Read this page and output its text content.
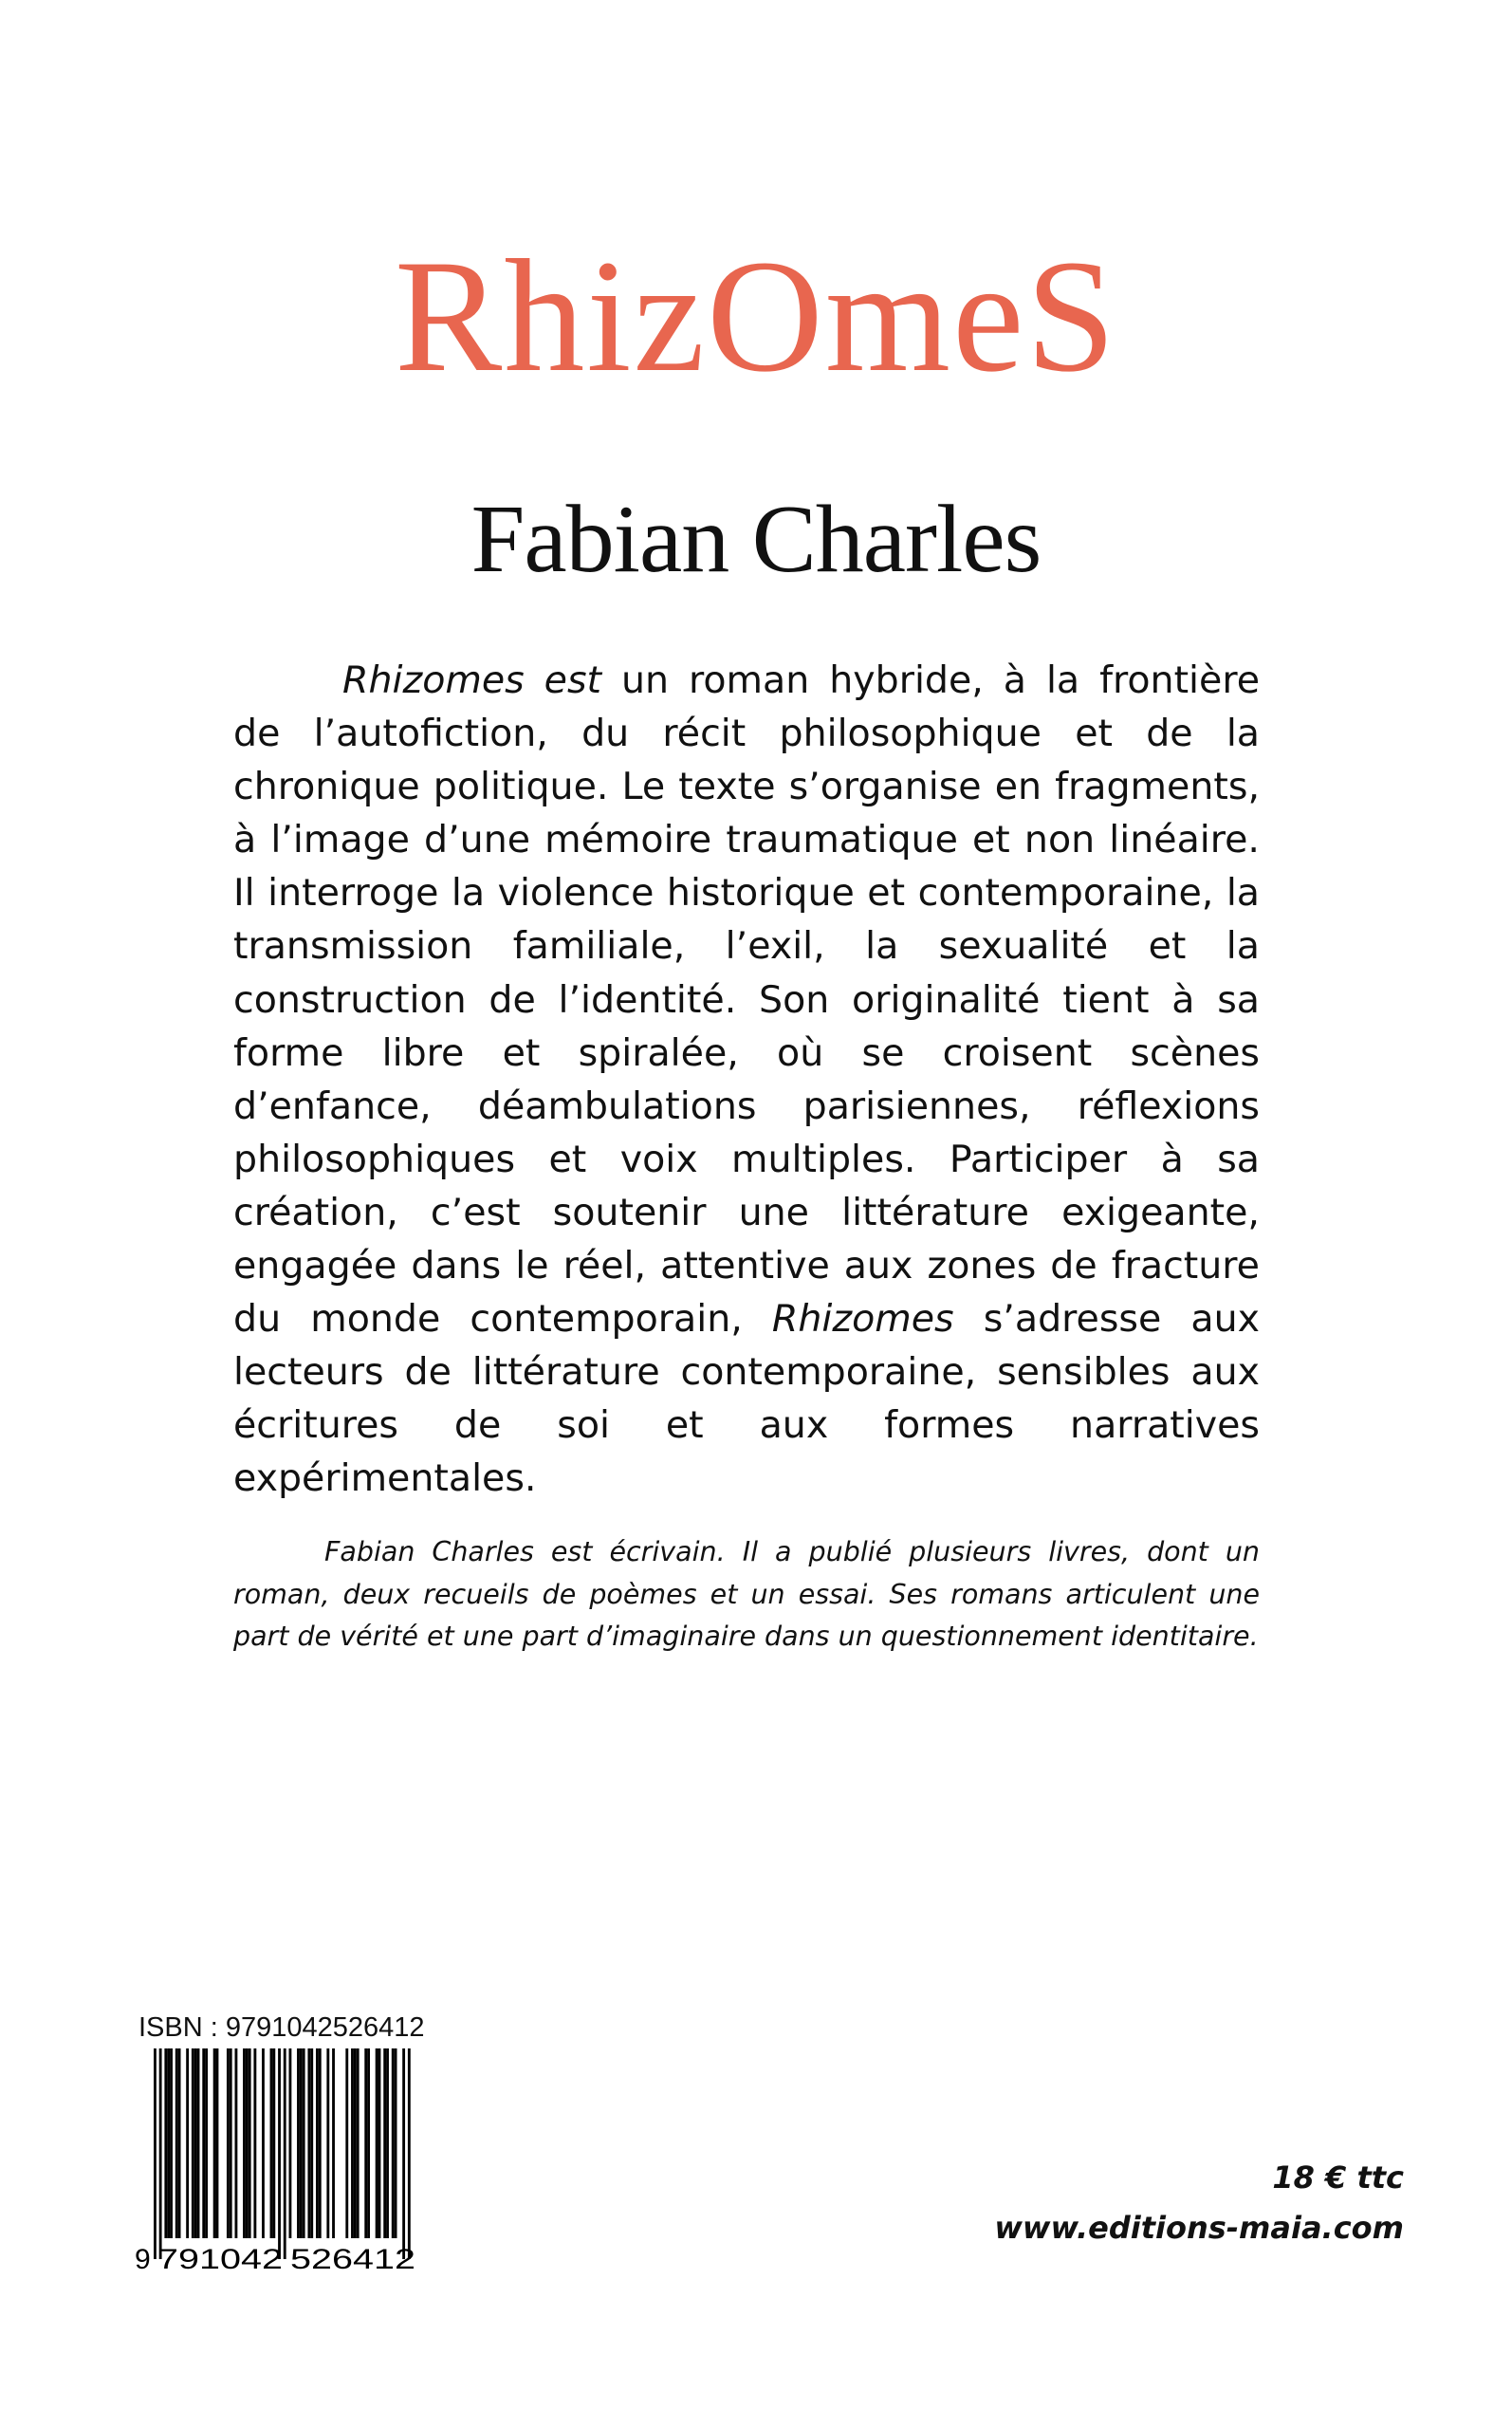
RhizOmeS
Fabian Charles

Rhizomes est un roman hybride, à la frontière de l’autofiction, du récit philosophique et de la chronique politique. Le texte s’organise en fragments, à l’image d’une mémoire traumatique et non linéaire. Il interroge la violence historique et contemporaine, la transmission familiale, l’exil, la sexualité et la construction de l’identité. Son originalité tient à sa forme libre et spiralée, où se croisent scènes d’enfance, déambulations parisiennes, réflexions philosophiques et voix multiples. Participer à sa création, c’est soutenir une littérature exigeante, engagée dans le réel, attentive aux zones de fracture du monde contemporain, Rhizomes s’adresse aux lecteurs de littérature contemporaine, sensibles aux écritures de soi et aux formes narratives expérimentales.

Fabian Charles est écrivain. Il a publié plusieurs livres, dont un roman, deux recueils de poèmes et un essai. Ses romans articulent une part de vérité et une part d’imaginaire dans un questionnement identitaire.

ISBN : 9791042526412

9 791042 526412

18 € ttc

www.editions-maia.com
